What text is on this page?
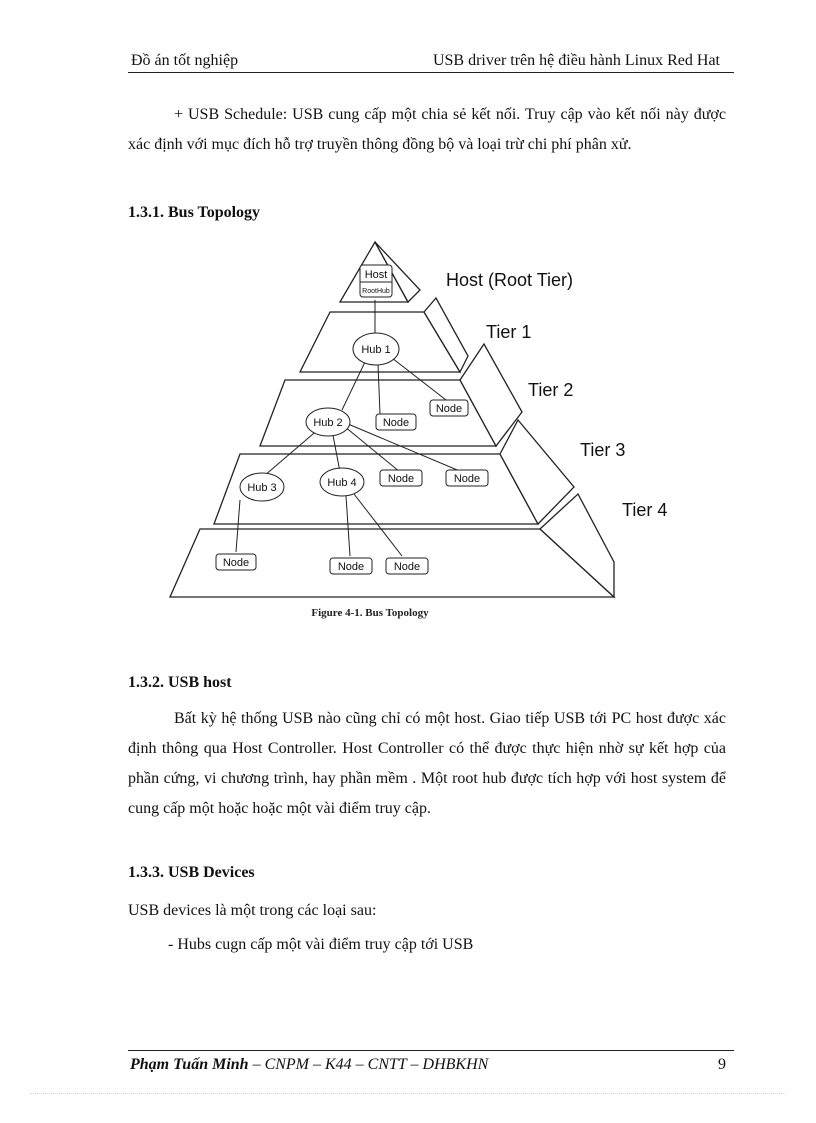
Đồ án tốt nghiệp	USB driver trên hệ điều hành Linux Red Hat
+ USB Schedule: USB cung cấp một chia sẻ kết nối. Truy cập vào kết nối này được xác định với mục đích hỗ trợ truyền thông đồng bộ và loại trừ chi phí phân xử.
1.3.1. Bus Topology
Host
RootHub
Hub 1
Hub 2
Hub 3	Hub 4
Node
Node
Node	Node
Node	Node	Node
Host (Root Tier)
Tier 1
Tier 2
Tier 3
Tier 4
Figure 4-1. Bus Topology
1.3.2. USB host
Bất kỳ hệ thống USB nào cũng chỉ có một host. Giao tiếp USB tới PC host được xác định thông qua Host Controller. Host Controller có thể được thực hiện nhờ sự kết hợp của phần cứng, vi chương trình, hay phần mềm . Một root hub được tích hợp với host system để cung cấp một hoặc hoặc một vài điểm truy cập.
1.3.3. USB Devices
USB devices là một trong các loại sau:
- Hubs cugn cấp một vài điểm truy cập tới USB
Phạm Tuấn Minh – CNPM – K44 – CNTT – DHBKHN	9
